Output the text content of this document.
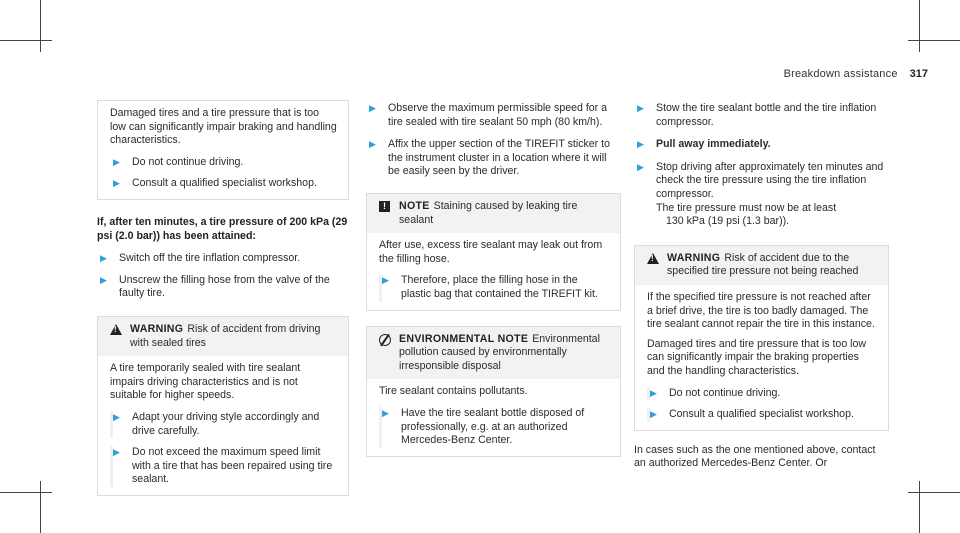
Breakdown assistance 317
Damaged tires and a tire pressure that is too low can significantly impair braking and handling characteristics.
▶	Do not continue driving.
▶	Consult a qualified specialist workshop.
If, after ten minutes, a tire pressure of 200 kPa (29 psi (2.0 bar)) has been attained:
▶	Switch off the tire inflation compressor.
▶	Unscrew the filling hose from the valve of the faulty tire.
!
WARNING Risk of accident from driving with sealed tires
A tire temporarily sealed with tire sealant impairs driving characteristics and is not suitable for higher speeds.
▶	Adapt your driving style accordingly and drive carefully.
▶	Do not exceed the maximum speed limit with a tire that has been repaired using tire sealant.
▶	Observe the maximum permissible speed for a tire sealed with tire sealant 50 mph (80 km/h).
▶	Affix the upper section of the TIREFIT sticker to the instrument cluster in a location where it will be easily seen by the driver.
!	NOTE Staining caused by leaking tire sealant
After use, excess tire sealant may leak out from the filling hose.
▶	Therefore, place the filling hose in the plastic bag that contained the TIREFIT kit.
ENVIRONMENTAL NOTE Environmental pollution caused by environmentally irresponsible disposal
Tire sealant contains pollutants.
▶	Have the tire sealant bottle disposed of professionally, e.g. at an authorized Mercedes-Benz Center.
▶	Stow the tire sealant bottle and the tire inflation compressor.
▶	Pull away immediately.
▶	Stop driving after approximately ten minutes and check the tire pressure using the tire inflation compressor.
The tire pressure must now be at least
130 kPa (19 psi (1.3 bar)).
!
WARNING Risk of accident due to the specified tire pressure not being reached
If the specified tire pressure is not reached after a brief drive, the tire is too badly damaged. The tire sealant cannot repair the tire in this instance.
Damaged tires and tire pressure that is too low can significantly impair the braking properties and the handling characteristics.
▶	Do not continue driving.
▶	Consult a qualified specialist workshop.
In cases such as the one mentioned above, contact an authorized Mercedes-Benz Center. Or
